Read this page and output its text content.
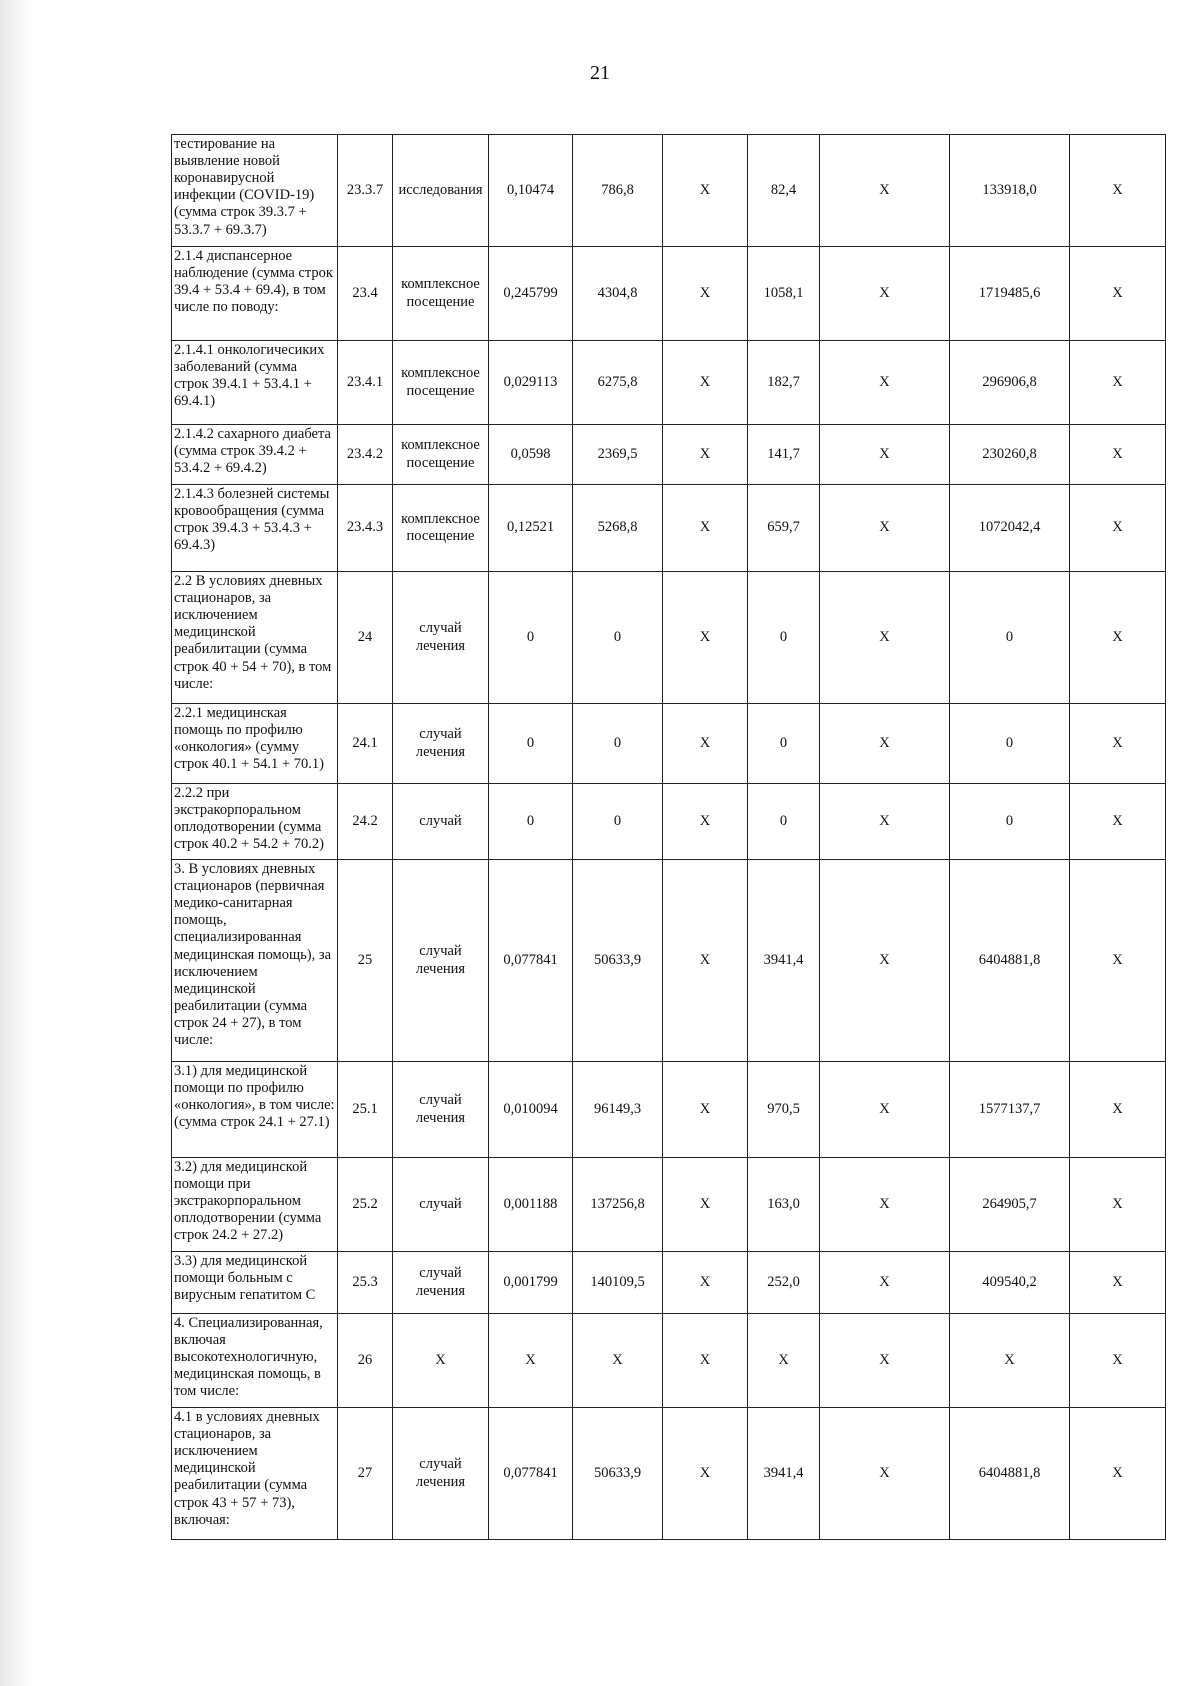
21
тестирование на выявление новой коронавирусной инфекции (COVID-19) (сумма строк 39.3.7 + 53.3.7 + 69.3.7)	23.3.7	исследования	0,10474	786,8	X	82,4	X	133918,0	X
2.1.4 диспансерное наблюдение (сумма строк 39.4 + 53.4 + 69.4), в том числе по поводу:	23.4	комплексное посещение	0,245799	4304,8	X	1058,1	X	1719485,6	X
2.1.4.1 онкологичесиких заболеваний (сумма строк 39.4.1 + 53.4.1 + 69.4.1)	23.4.1	комплексное посещение	0,029113	6275,8	X	182,7	X	296906,8	X
2.1.4.2 сахарного диабета (сумма строк 39.4.2 + 53.4.2 + 69.4.2)	23.4.2	комплексное посещение	0,0598	2369,5	X	141,7	X	230260,8	X
2.1.4.3 болезней системы кровообращения (сумма строк 39.4.3 + 53.4.3 + 69.4.3)	23.4.3	комплексное посещение	0,12521	5268,8	X	659,7	X	1072042,4	X
2.2 В условиях дневных стационаров, за исключением медицинской реабилитации (сумма строк 40 + 54 + 70), в том числе:	24	случай лечения	0	0	X	0	X	0	X
2.2.1 медицинская помощь по профилю «онкология» (сумму строк 40.1 + 54.1 + 70.1)	24.1	случай лечения	0	0	X	0	X	0	X
2.2.2 при экстракорпоральном оплодотворении (сумма строк 40.2 + 54.2 + 70.2)	24.2	случай	0	0	X	0	X	0	X
3. В условиях дневных стационаров (первичная медико-санитарная помощь, специализированная медицинская помощь), за исключением медицинской реабилитации (сумма строк 24 + 27), в том числе:	25	случай лечения	0,077841	50633,9	X	3941,4	X	6404881,8	X
3.1) для медицинской помощи по профилю «онкология», в том числе: (сумма строк 24.1 + 27.1)	25.1	случай лечения	0,010094	96149,3	X	970,5	X	1577137,7	X
3.2) для медицинской помощи при экстракорпоральном оплодотворении (сумма строк 24.2 + 27.2)	25.2	случай	0,001188	137256,8	X	163,0	X	264905,7	X
3.3) для медицинской помощи больным с вирусным гепатитом С	25.3	случай лечения	0,001799	140109,5	X	252,0	X	409540,2	X
4. Специализированная, включая высокотехнологичную, медицинская помощь, в том числе:	26	X	X	X	X	X	X	X	X
4.1 в условиях дневных стационаров, за исключением медицинской реабилитации (сумма строк 43 + 57 + 73), включая:	27	случай лечения	0,077841	50633,9	X	3941,4	X	6404881,8	X
